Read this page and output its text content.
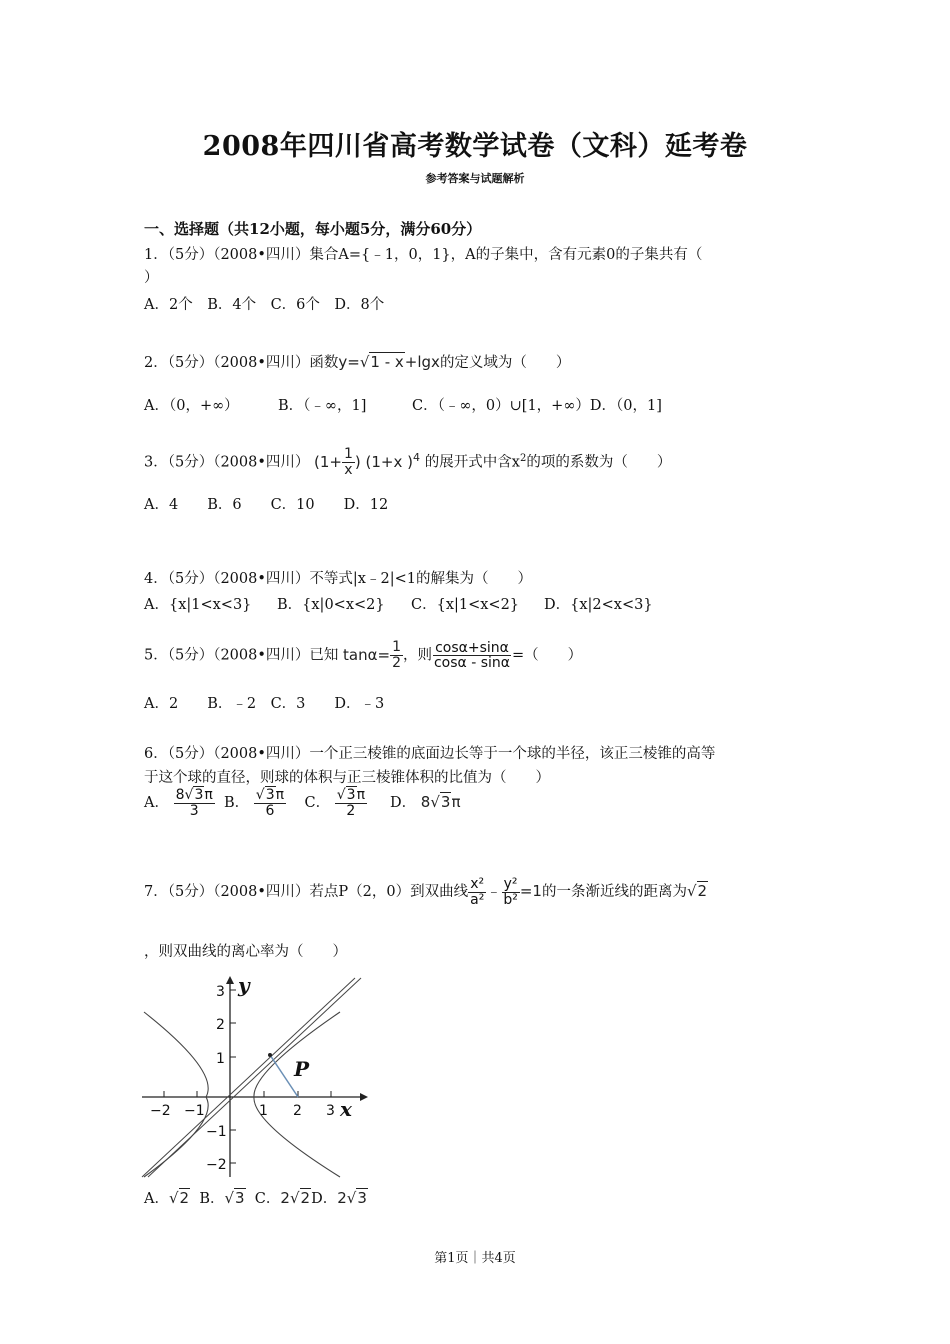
2008年四川省高考数学试卷（文科）延考卷
参考答案与试题解析
一、选择题（共12小题，每小题5分，满分60分）
1．（5分）（2008•四川）集合A={﹣1，0，1}，A的子集中，含有元素0的子集共有（
）
A．2个　B．4个　C．6个　D．8个
2．（5分）（2008•四川）函数y=√1 - x+lgx的定义域为（　　）
A．（0，+∞）	B．（﹣∞，1]	C．（﹣∞，0）∪[1，+∞）D．（0，1]
3．（5分）（2008•四川） ($1+ \frac{1}{x}$ ) (1+x )$^4$ 的展开式中含$x^2$的项的系数为（　　）
A．4　　B．6　　C．10　　D．12
4．（5分）（2008•四川）不等式|x﹣2|<1的解集为（　　）
A．{x|1<x<3} B．{x|0<x<2} C．{x|1<x<2} D．{x|2<x<3}
5．（5分）（2008•四川）已知 $\tan\alpha= \frac{1}{2}$ ，则 $\frac{\cos\alpha+\sin\alpha}{\cos\alpha - \sin\alpha}$ =（　　）
A．2　　B．﹣2　C．3　　D．﹣3
6．（5分）（2008•四川）一个正三棱锥的底面边长等于一个球的半径，该正三棱锥的高等
于这个球的直径，则球的体积与正三棱锥体积的比值为（　　）
A． $\frac{8√3\pi}{3}$ B． $\frac{√3\pi}{6}$ C． $\frac{√3\pi}{2}$ D． 8√3π
7．（5分）（2008•四川）若点P（2，0）到双曲线 $\frac{\text{x²}}{\text{a²}}$ ﹣ $\frac{\text{y²}}{\text{b²}} =1$的一条渐近线的距离为√2
，则双曲线的离心率为（　　）
y
x
P
3
2
1
−1
−2
−2 −1	1 2 3
A．√2 B．√3 C．2√2D．2√3
第1页｜共4页
